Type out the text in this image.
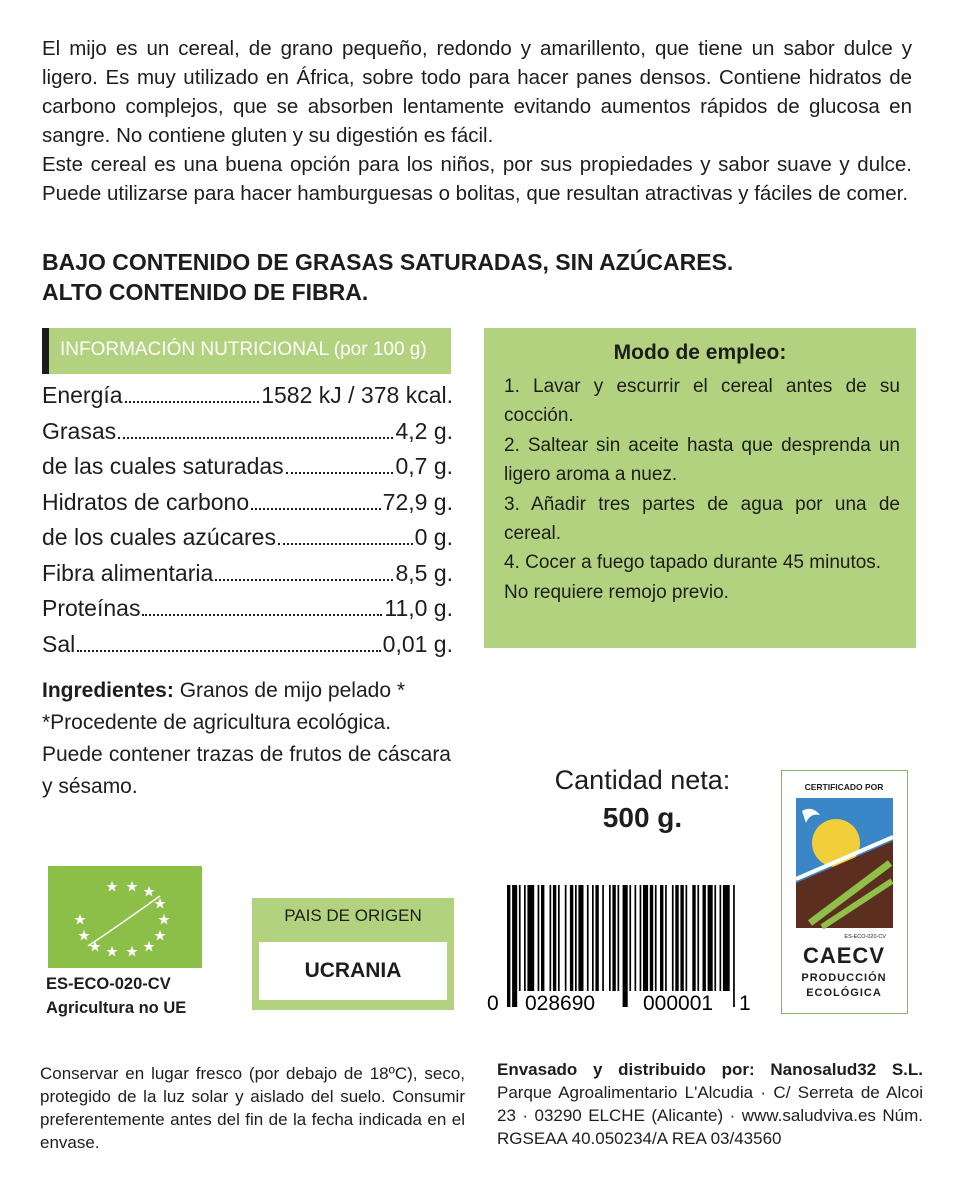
El mijo es un cereal, de grano pequeño, redondo y amarillento, que tiene un sabor dulce y ligero. Es muy utilizado en África, sobre todo para hacer panes densos. Contiene hidratos de carbono complejos, que se absorben lentamente evitando aumentos rápidos de glucosa en sangre. No contiene gluten y su digestión es fácil.

Este cereal es una buena opción para los niños, por sus propiedades y sabor suave y dulce. Puede utilizarse para hacer hamburguesas o bolitas, que resultan atractivas y fáciles de comer.

BAJO CONTENIDO DE GRASAS SATURADAS, SIN AZÚCARES.
ALTO CONTENIDO DE FIBRA.
INFORMACIÓN NUTRICIONAL (por 100 g)
Energía	1582 kJ / 378 kcal.
Grasas	4,2 g.
de las cuales saturadas	0,7 g.
Hidratos de carbono	72,9 g.
de los cuales azúcares	0 g.
Fibra alimentaria	8,5 g.
Proteínas	11,0 g.
Sal	0,01 g.
Modo de empleo:

1. Lavar y escurrir el cereal antes de su cocción.

2. Saltear sin aceite hasta que desprenda un ligero aroma a nuez.

3. Añadir tres partes de agua por una de cereal.

4. Cocer a fuego tapado durante 45 minutos.

No requiere remojo previo.

Ingredientes: Granos de mijo pelado *

*Procedente de agricultura ecológica.

Puede contener trazas de frutos de cáscara y sésamo.	Cantidad neta:
500 g.
ES-ECO-020-CV
Agricultura no UE
PAIS DE ORIGEN
UCRANIA
0 028690 000001 1
CERTIFICADO POR
ES-ECO-020-CV
CAECV
PRODUCCIÓN
ECOLÓGICA

Conservar en lugar fresco (por debajo de 18ºC), seco, protegido de la luz solar y aislado del suelo. Consumir preferentemente antes del fin de la fecha indicada en el envase.

Envasado y distribuido por: Nanosalud32 S.L. Parque Agroalimentario L'Alcudia · C/ Serreta de Alcoi 23 · 03290 ELCHE (Alicante) · www.saludviva.es Núm. RGSEAA 40.050234/A REA 03/43560
